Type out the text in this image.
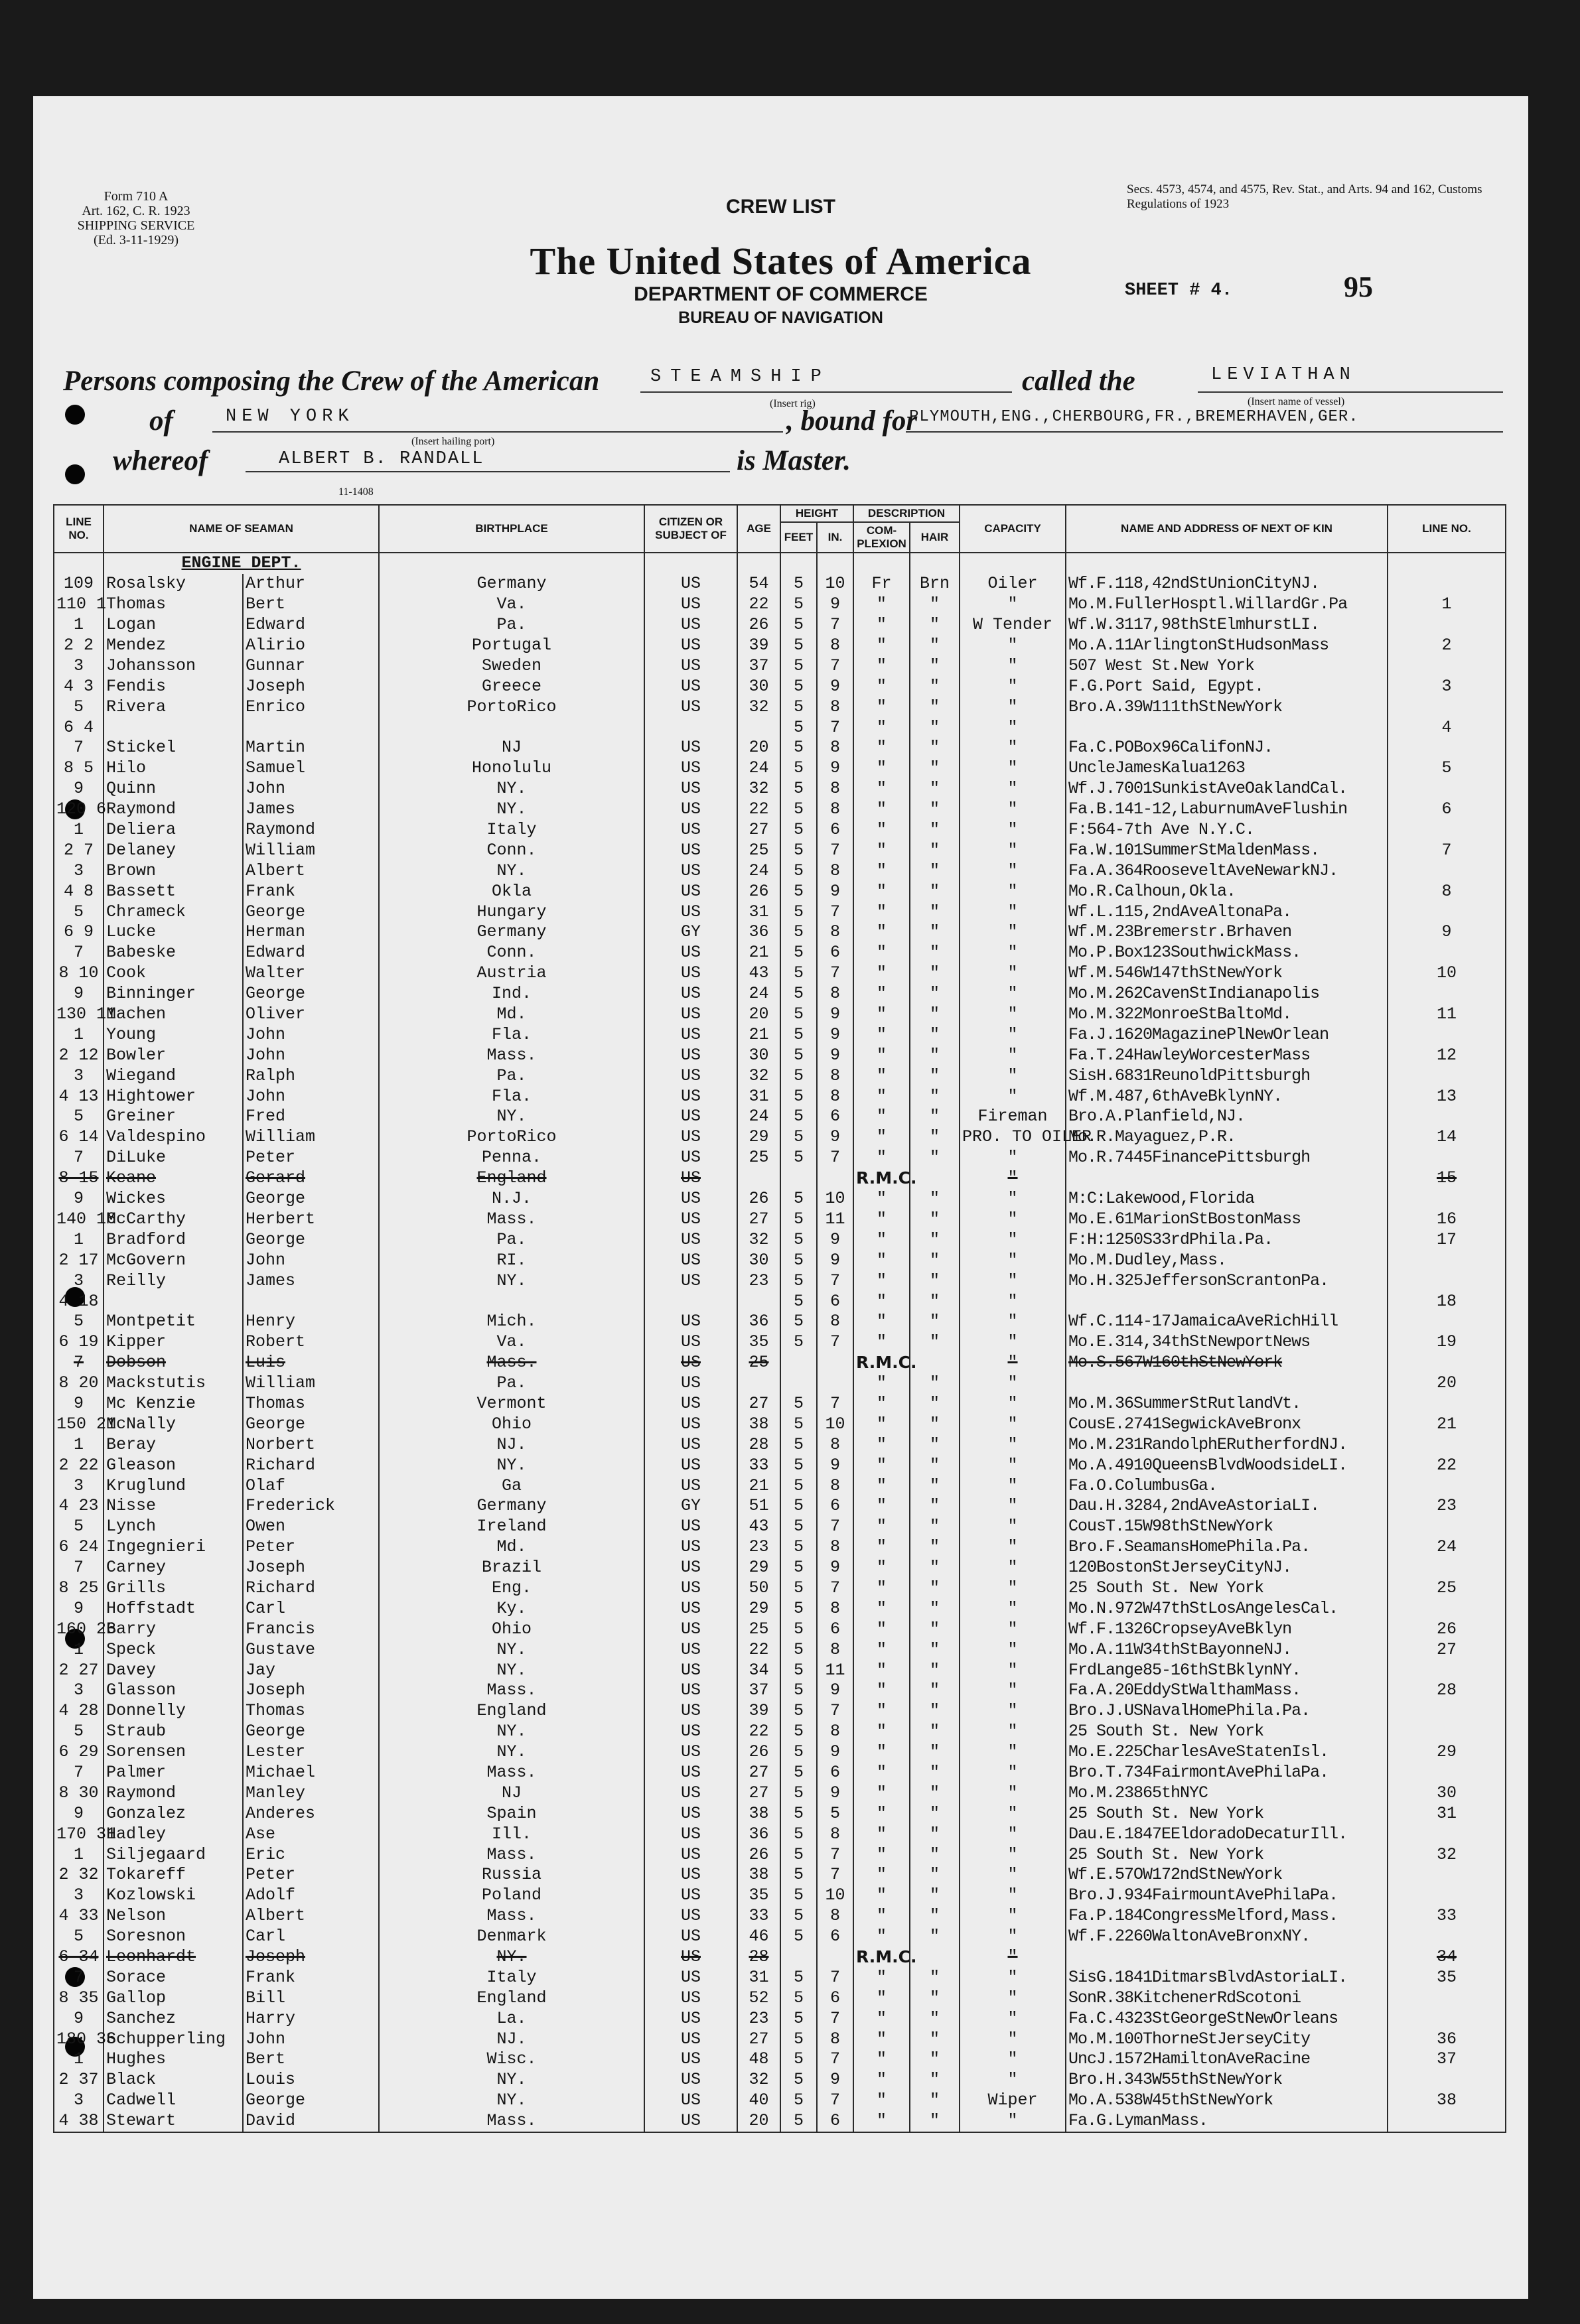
Form 710 A
Art. 162, C. R. 1923
SHIPPING SERVICE
(Ed. 3-11-1929)
Secs. 4573, 4574, and 4575, Rev. Stat., and Arts. 94 and 162, Customs Regulations of 1923
CREW LIST
The United States of America
DEPARTMENT OF COMMERCE
BUREAU OF NAVIGATION
SHEET # 4.	95
Persons composing the Crew of the American	STEAMSHIP
(Insert rig)
called the	LEVIATHAN
(Insert name of vessel)
of	NEW YORK
(Insert hailing port)
, bound for
PLYMOUTH,ENG.,CHERBOURG,FR.,BREMERHAVEN,GER.
whereof	ALBERT B. RANDALL	is Master.
11-1408
LINE NO.	NAME OF SEAMAN		BIRTHPLACE	CITIZEN OR SUBJECT OF	AGE	HEIGHT		DESCRIPTION		CAPACITY	NAME AND ADDRESS OF NEXT OF KIN	LINE NO.
						FEET	IN.	COM-PLEXION	HAIR			
	ENGINE DEPT.											
109	Rosalsky	Arthur	Germany	US	54	5	10	Fr	Brn	Oiler	Wf.F.118,42ndStUnionCityNJ.	
110 1	Thomas	Bert	Va.	US	22	5	9	"	"	"	Mo.M.FullerHosptl.WillardGr.Pa	1
1	Logan	Edward	Pa.	US	26	5	7	"	"	W Tender	Wf.W.3117,98thStElmhurstLI.	
2 2	Mendez	Alirio	Portugal	US	39	5	8	"	"	"	Mo.A.11ArlingtonStHudsonMass	2
3	Johansson	Gunnar	Sweden	US	37	5	7	"	"	"	507 West St.New York	
4 3	Fendis	Joseph	Greece	US	30	5	9	"	"	"	F.G.Port Said, Egypt.	3
5	Rivera	Enrico	PortoRico	US	32	5	8	"	"	"	Bro.A.39W111thStNewYork	
6 4						5	7	"	"	"		4
7	Stickel	Martin	NJ	US	20	5	8	"	"	"	Fa.C.POBox96CalifonNJ.	
8 5	Hilo	Samuel	Honolulu	US	24	5	9	"	"	"	UncleJamesKalua1263	5
9	Quinn	John	NY.	US	32	5	8	"	"	"	Wf.J.7001SunkistAveOaklandCal.	
120 6	Raymond	James	NY.	US	22	5	8	"	"	"	Fa.B.141-12,LaburnumAveFlushin	6
1	Deliera	Raymond	Italy	US	27	5	6	"	"	"	F:564-7th Ave N.Y.C.	
2 7	Delaney	William	Conn.	US	25	5	7	"	"	"	Fa.W.101SummerStMaldenMass.	7
3	Brown	Albert	NY.	US	24	5	8	"	"	"	Fa.A.364RooseveltAveNewarkNJ.	
4 8	Bassett	Frank	Okla	US	26	5	9	"	"	"	Mo.R.Calhoun,Okla.	8
5	Chrameck	George	Hungary	US	31	5	7	"	"	"	Wf.L.115,2ndAveAltonaPa.	
6 9	Lucke	Herman	Germany	GY	36	5	8	"	"	"	Wf.M.23Bremerstr.Brhaven	9
7	Babeske	Edward	Conn.	US	21	5	6	"	"	"	Mo.P.Box123SouthwickMass.	
8 10	Cook	Walter	Austria	US	43	5	7	"	"	"	Wf.M.546W147thStNewYork	10
9	Binninger	George	Ind.	US	24	5	8	"	"	"	Mo.M.262CavenStIndianapolis	
130 11	Machen	Oliver	Md.	US	20	5	9	"	"	"	Mo.M.322MonroeStBaltoMd.	11
1	Young	John	Fla.	US	21	5	9	"	"	"	Fa.J.1620MagazinePlNewOrlean	
2 12	Bowler	John	Mass.	US	30	5	9	"	"	"	Fa.T.24HawleyWorcesterMass	12
3	Wiegand	Ralph	Pa.	US	32	5	8	"	"	"	SisH.6831ReunoldPittsburgh	
4 13	Hightower	John	Fla.	US	31	5	8	"	"	"	Wf.M.487,6thAveBklynNY.	13
5	Greiner	Fred	NY.	US	24	5	6	"	"	Fireman	Bro.A.Planfield,NJ.	
6 14	Valdespino	William	PortoRico	US	29	5	9	"	"	PRO. TO OILER	Mo.R.Mayaguez,P.R.	14
7	DiLuke	Peter	Penna.	US	25	5	7	"	"	"	Mo.R.7445FinancePittsburgh	
8 15	Keane	Gerard	England	US				R.M.C.		"		15
9	Wickes	George	N.J.	US	26	5	10	"	"	"	M:C:Lakewood,Florida	
140 16	McCarthy	Herbert	Mass.	US	27	5	11	"	"	"	Mo.E.61MarionStBostonMass	16
1	Bradford	George	Pa.	US	32	5	9	"	"	"	F:H:1250S33rdPhila.Pa.	17
2 17	McGovern	John	RI.	US	30	5	9	"	"	"	Mo.M.Dudley,Mass.	
3	Reilly	James	NY.	US	23	5	7	"	"	"	Mo.H.325JeffersonScrantonPa.	
4 18						5	6	"	"	"		18
5	Montpetit	Henry	Mich.	US	36	5	8	"	"	"	Wf.C.114-17JamaicaAveRichHill	
6 19	Kipper	Robert	Va.	US	35	5	7	"	"	"	Mo.E.314,34thStNewportNews	19
7	Dobson	Luis	Mass.	US	25			R.M.C.		"	Mo.S.567W160thStNewYork	
8 20	Mackstutis	William	Pa.	US				"	"	"		20
9	Mc Kenzie	Thomas	Vermont	US	27	5	7	"	"	"	Mo.M.36SummerStRutlandVt.	
150 21	McNally	George	Ohio	US	38	5	10	"	"	"	CousE.2741SegwickAveBronx	21
1	Beray	Norbert	NJ.	US	28	5	8	"	"	"	Mo.M.231RandolphERutherfordNJ.	
2 22	Gleason	Richard	NY.	US	33	5	9	"	"	"	Mo.A.4910QueensBlvdWoodsideLI.	22
3	Kruglund	Olaf	Ga	US	21	5	8	"	"	"	Fa.O.ColumbusGa.	
4 23	Nisse	Frederick	Germany	GY	51	5	6	"	"	"	Dau.H.3284,2ndAveAstoriaLI.	23
5	Lynch	Owen	Ireland	US	43	5	7	"	"	"	CousT.15W98thStNewYork	
6 24	Ingegnieri	Peter	Md.	US	23	5	8	"	"	"	Bro.F.SeamansHomePhila.Pa.	24
7	Carney	Joseph	Brazil	US	29	5	9	"	"	"	120BostonStJerseyCityNJ.	
8 25	Grills	Richard	Eng.	US	50	5	7	"	"	"	25 South St. New York	25
9	Hoffstadt	Carl	Ky.	US	29	5	8	"	"	"	Mo.N.972W47thStLosAngelesCal.	
160 26	Barry	Francis	Ohio	US	25	5	6	"	"	"	Wf.F.1326CropseyAveBklyn	26
1	Speck	Gustave	NY.	US	22	5	8	"	"	"	Mo.A.11W34thStBayonneNJ.	27
2 27	Davey	Jay	NY.	US	34	5	11	"	"	"	FrdLange85-16thStBklynNY.	
3	Glasson	Joseph	Mass.	US	37	5	9	"	"	"	Fa.A.20EddyStWalthamMass.	28
4 28	Donnelly	Thomas	England	US	39	5	7	"	"	"	Bro.J.USNavalHomePhila.Pa.	
5	Straub	George	NY.	US	22	5	8	"	"	"	25 South St. New York	
6 29	Sorensen	Lester	NY.	US	26	5	9	"	"	"	Mo.E.225CharlesAveStatenIsl.	29
7	Palmer	Michael	Mass.	US	27	5	6	"	"	"	Bro.T.734FairmontAvePhilaPa.	
8 30	Raymond	Manley	NJ	US	27	5	9	"	"	"	Mo.M.23865thNYC	30
9	Gonzalez	Anderes	Spain	US	38	5	5	"	"	"	25 South St. New York	31
170 31	Hadley	Ase	Ill.	US	36	5	8	"	"	"	Dau.E.1847EEldoradoDecaturIll.	
1	Siljegaard	Eric	Mass.	US	26	5	7	"	"	"	25 South St. New York	32
2 32	Tokareff	Peter	Russia	US	38	5	7	"	"	"	Wf.E.57OW172ndStNewYork	
3	Kozlowski	Adolf	Poland	US	35	5	10	"	"	"	Bro.J.934FairmountAvePhilaPa.	
4 33	Nelson	Albert	Mass.	US	33	5	8	"	"	"	Fa.P.184CongressMelford,Mass.	33
5	Soresnon	Carl	Denmark	US	46	5	6	"	"	"	Wf.F.2260WaltonAveBronxNY.	
6 34	Leonhardt	Joseph	NY.	US	28			R.M.C.		"		34
7	Sorace	Frank	Italy	US	31	5	7	"	"	"	SisG.1841DitmarsBlvdAstoriaLI.	35
8 35	Gallop	Bill	England	US	52	5	6	"	"	"	SonR.38KitchenerRdScotoni	
9	Sanchez	Harry	La.	US	23	5	7	"	"	"	Fa.C.4323StGeorgeStNewOrleans	
180 36	Schupperling	John	NJ.	US	27	5	8	"	"	"	Mo.M.100ThorneStJerseyCity	36
1	Hughes	Bert	Wisc.	US	48	5	7	"	"	"	UncJ.1572HamiltonAveRacine	37
2 37	Black	Louis	NY.	US	32	5	9	"	"	"	Bro.H.343W55thStNewYork	
3	Cadwell	George	NY.	US	40	5	7	"	"	Wiper	Mo.A.538W45thStNewYork	38
4 38	Stewart	David	Mass.	US	20	5	6	"	"	"	Fa.G.LymanMass.	
